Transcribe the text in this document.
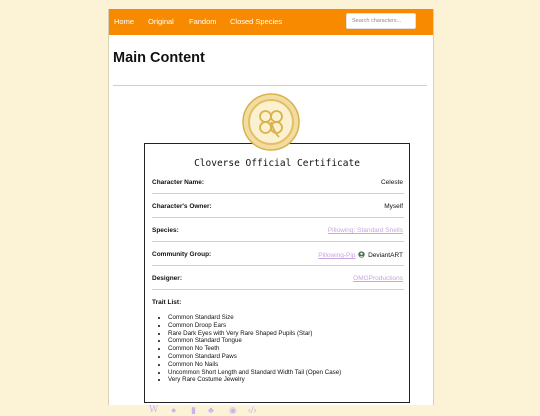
Home Original Fandom Closed Species
Search characters...
Main Content
Cloverse Official Certificate
Character Name:	Celeste
Character's Owner:	Myself
Species:	Pillowing: Standard Snells
Community Group:	Pillowing-Pip DeviantART
Designer:	OMGProductions
Trait List:
• Common Standard Size
• Common Droop Ears
• Rare Dark Eyes with Very Rare Shaped Pupils (Star)
• Common Standard Tongue
• Common No Teeth
• Common Standard Paws
• Common No Nails
• Uncommon Short Length and Standard Width Tail (Open Case)
• Very Rare Costume Jewelry
W ● ▮ ♣ ◉ ‹/›
